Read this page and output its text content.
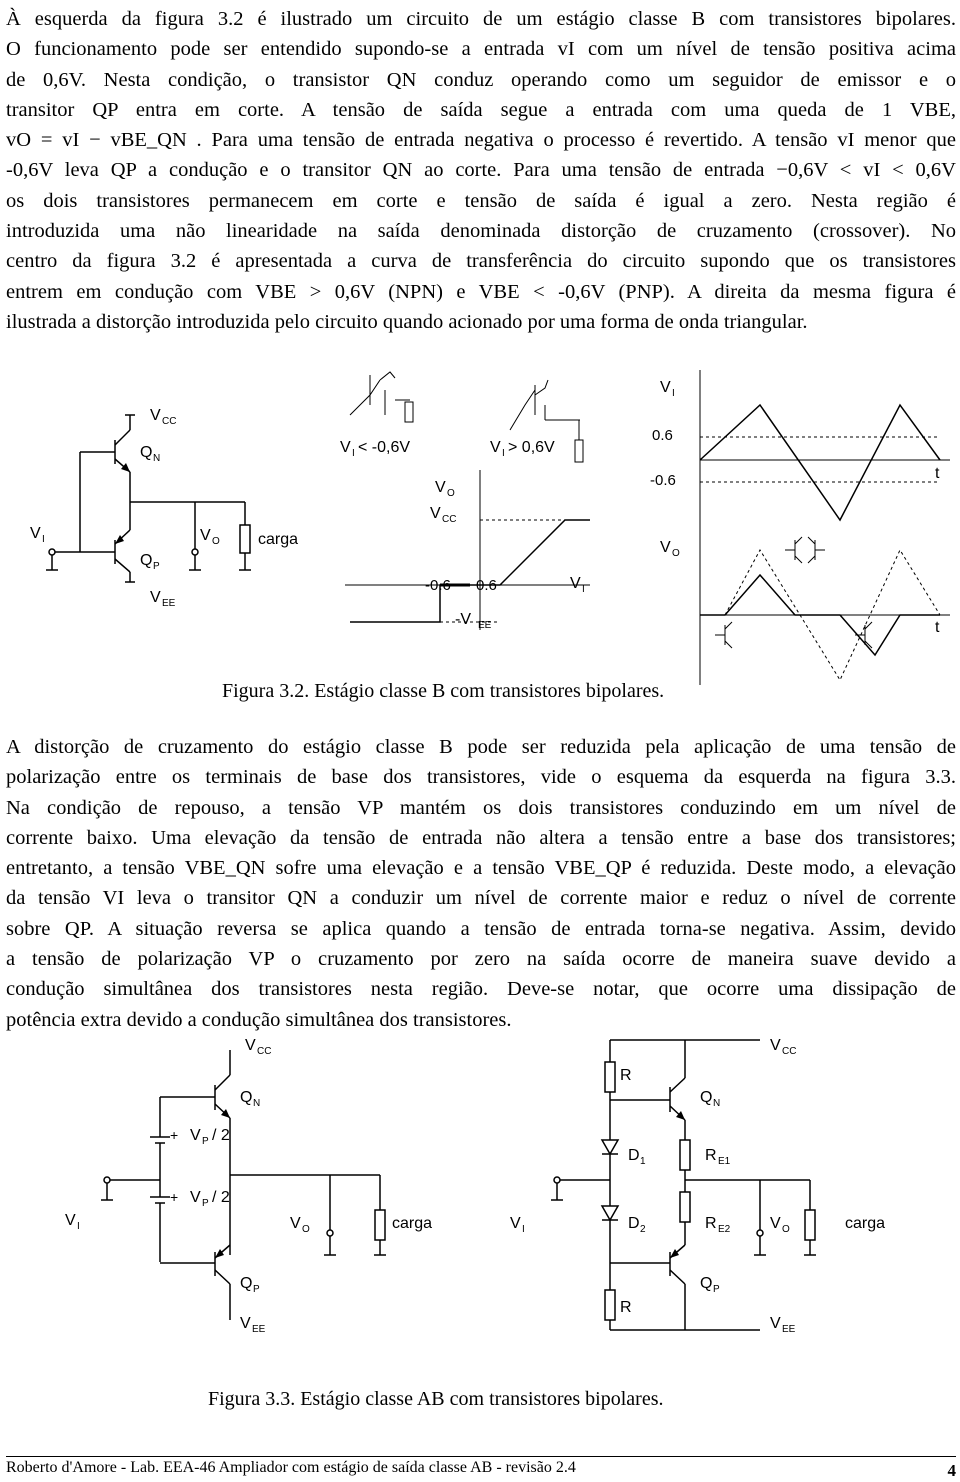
À esquerda da figura 3.2 é ilustrado um circuito de um estágio classe B com transistores bipolares.
O funcionamento pode ser entendido supondo-se a entrada vI com um nível de tensão positiva acima
de 0,6V. Nesta condição, o transistor QN conduz operando como um seguidor de emissor e o
transitor QP entra em corte. A tensão de saída segue a entrada com uma queda de 1 VBE,
vO = vI − vBE_QN . Para uma tensão de entrada negativa o processo é revertido. A tensão vI menor que
-0,6V leva QP a condução e o transitor QN ao corte. Para uma tensão de entrada −0,6V < vI < 0,6V
os dois transistores permanecem em corte e tensão de saída é igual a zero. Nesta região é
introduzida uma não linearidade na saída denominada distorção de cruzamento (crossover). No
centro da figura 3.2 é apresentada a curva de transferência do circuito supondo que os transistores
entrem em condução com VBE > 0,6V (NPN) e VBE < -0,6V (PNP). A direita da mesma figura é
ilustrada a distorção introduzida pelo circuito quando acionado por uma forma de onda triangular.
V CC
Q N
Q P
V EE
V I	V O carga
V O
V CC
-0.6 0.6
-V EE
V I
V I < -0,6V	V I > 0,6V
V I
0.6
-0.6	t
V O
t
Figura 3.2. Estágio classe B com transistores bipolares.
A distorção de cruzamento do estágio classe B pode ser reduzida pela aplicação de uma tensão de
polarização entre os terminais de base dos transistores, vide o esquema da esquerda na figura 3.3.
Na condição de repouso, a tensão VP mantém os dois transistores conduzindo em um nível de
corrente baixo. Uma elevação da tensão de entrada não altera a tensão entre a base dos transistores;
entretanto, a tensão VBE_QN sofre uma elevação e a tensão VBE_QP é reduzida. Deste modo, a elevação
da tensão VI leva o transitor QN a conduzir um nível de corrente maior e reduz o nível de corrente
sobre QP. A situação reversa se aplica quando a tensão de entrada torna-se negativa. Assim, devido
a tensão de polarização VP o cruzamento por zero na saída ocorre de maneira suave devido a
condução simultânea dos transistores nesta região. Deve-se notar, que ocorre uma dissipação de
potência extra devido a condução simultânea dos transistores.
V CC
Q N
+ V P / 2
+ V P / 2
V I
Q P
V EE
V O	carga
V CC
R
Q N
R E1
D 1
V I	D 2	R E2
Q P
R
V EE
V O	carga
Figura 3.3. Estágio classe AB com transistores bipolares.
Roberto d'Amore - Lab. EEA-46 Ampliador com estágio de saída classe AB - revisão 2.4	4
